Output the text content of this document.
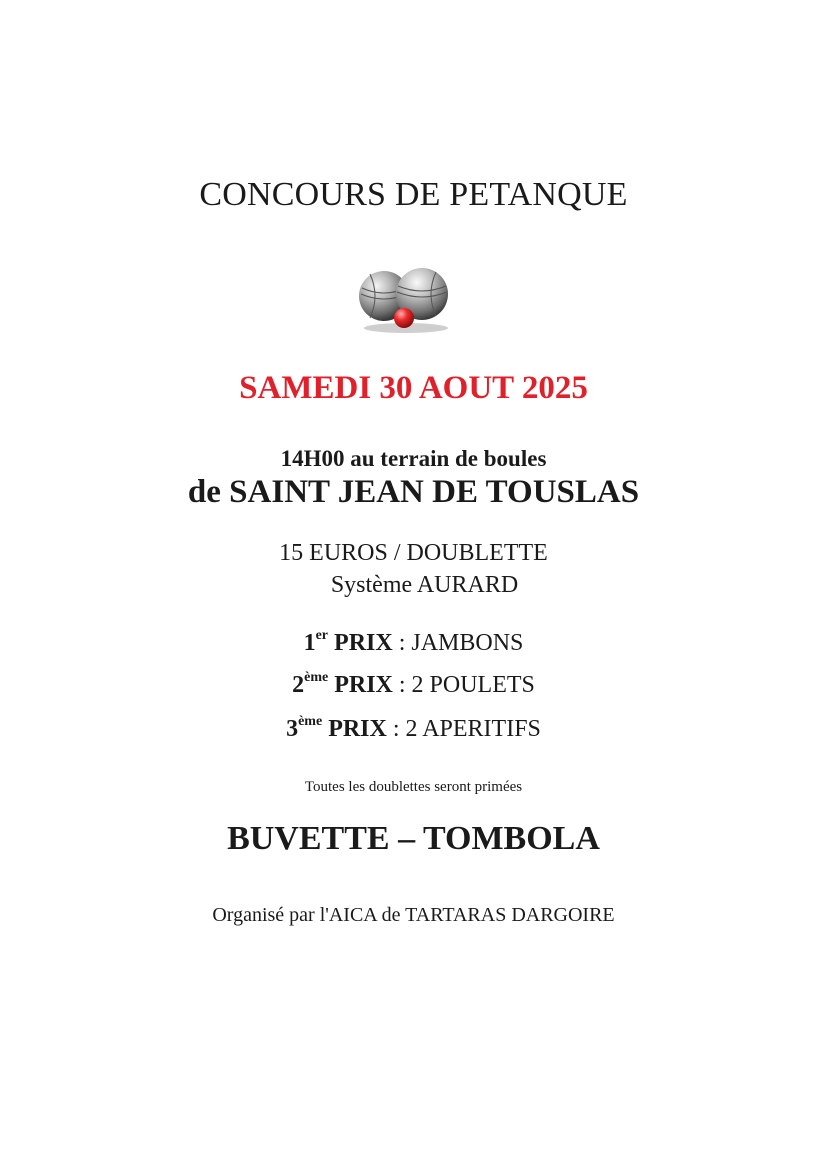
CONCOURS DE PETANQUE
SAMEDI 30 AOUT 2025
14H00 au terrain de boules
de SAINT JEAN DE TOUSLAS
15 EUROS / DOUBLETTE
Système AURARD
1er PRIX : JAMBONS
2ème PRIX : 2 POULETS
3ème PRIX : 2 APERITIFS
Toutes les doublettes seront primées
BUVETTE – TOMBOLA
Organisé par l'AICA de TARTARAS DARGOIRE
